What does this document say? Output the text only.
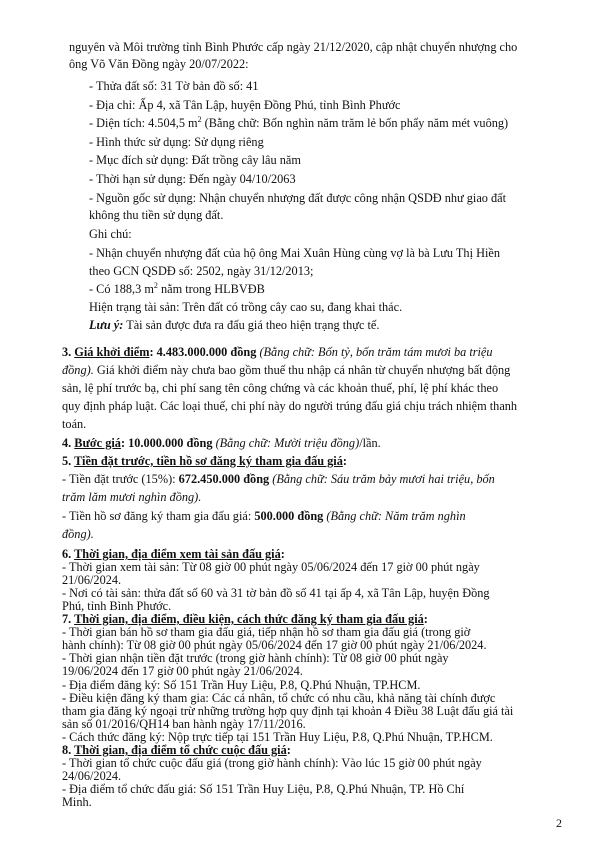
nguyên và Môi trường tỉnh Bình Phước cấp ngày 21/12/2020, cập nhật chuyển nhượng cho
ông Võ Văn Đồng ngày 20/07/2022:
- Thửa đất số: 31 Tờ bản đồ số: 41
- Địa chỉ: Ấp 4, xã Tân Lập, huyện Đồng Phú, tỉnh Bình Phước
- Diện tích: 4.504,5 $m^2$ (Bằng chữ: Bốn nghìn năm trăm lẻ bốn phẩy năm mét vuông)
- Hình thức sử dụng: Sử dụng riêng
- Mục đích sử dụng: Đất trồng cây lâu năm
- Thời hạn sử dụng: Đến ngày 04/10/2063
- Nguồn gốc sử dụng: Nhận chuyển nhượng đất được công nhận QSDĐ như giao đất
không thu tiền sử dụng đất.
Ghi chú:
- Nhận chuyển nhượng đất của hộ ông Mai Xuân Hùng cùng vợ là bà Lưu Thị Hiền
theo GCN QSDĐ số: 2502, ngày 31/12/2013;
- Có 188,3 $m^2$ nằm trong HLBVĐB
Hiện trạng tài sản: Trên đất có trồng cây cao su, đang khai thác.
Lưu ý: Tài sản được đưa ra đấu giá theo hiện trạng thực tế.
3. Giá khởi điểm: 4.483.000.000 đồng (Bằng chữ: Bốn tỷ, bốn trăm tám mươi ba triệu
đồng). Giá khởi điểm này chưa bao gồm thuế thu nhập cá nhân từ chuyển nhượng bất động
sản, lệ phí trước bạ, chi phí sang tên công chứng và các khoản thuế, phí, lệ phí khác theo
quy định pháp luật. Các loại thuế, chi phí này do người trúng đấu giá chịu trách nhiệm thanh
toán.
4. Bước giá: 10.000.000 đồng (Bằng chữ: Mười triệu đồng)/lần.
5. Tiền đặt trước, tiền hồ sơ đăng ký tham gia đấu giá:
- Tiền đặt trước (15%): 672.450.000 đồng (Bằng chữ: Sáu trăm bảy mươi hai triệu, bốn
trăm lăm mươi nghìn đồng).
- Tiền hồ sơ đăng ký tham gia đấu giá: 500.000 đồng (Bằng chữ: Năm trăm nghìn
đồng).
6. Thời gian, địa điểm xem tài sản đấu giá:
- Thời gian xem tài sản: Từ 08 giờ 00 phút ngày 05/06/2024 đến 17 giờ 00 phút ngày
21/06/2024.
- Nơi có tài sản: thửa đất số 60 và 31 tờ bản đồ số 41 tại ấp 4, xã Tân Lập, huyện Đồng
Phú, tỉnh Bình Phước.
7. Thời gian, địa điểm, điều kiện, cách thức đăng ký tham gia đấu giá:
- Thời gian bán hồ sơ tham gia đấu giá, tiếp nhận hồ sơ tham gia đấu giá (trong giờ
hành chính): Từ 08 giờ 00 phút ngày 05/06/2024 đến 17 giờ 00 phút ngày 21/06/2024.
- Thời gian nhận tiền đặt trước (trong giờ hành chính): Từ 08 giờ 00 phút ngày
19/06/2024 đến 17 giờ 00 phút ngày 21/06/2024.
- Địa điểm đăng ký: Số 151 Trần Huy Liệu, P.8, Q.Phú Nhuận, TP.HCM.
- Điều kiện đăng ký tham gia: Các cá nhân, tổ chức có nhu cầu, khả năng tài chính được
tham gia đăng ký ngoại trừ những trường hợp quy định tại khoản 4 Điều 38 Luật đấu giá tài
sản số 01/2016/QH14 ban hành ngày 17/11/2016.
- Cách thức đăng ký: Nộp trực tiếp tại 151 Trần Huy Liệu, P.8, Q.Phú Nhuận, TP.HCM.
8. Thời gian, địa điểm tổ chức cuộc đấu giá:
- Thời gian tổ chức cuộc đấu giá (trong giờ hành chính): Vào lúc 15 giờ 00 phút ngày
24/06/2024.
- Địa điểm tổ chức đấu giá: Số 151 Trần Huy Liệu, P.8, Q.Phú Nhuận, TP. Hồ Chí
Minh.
2
